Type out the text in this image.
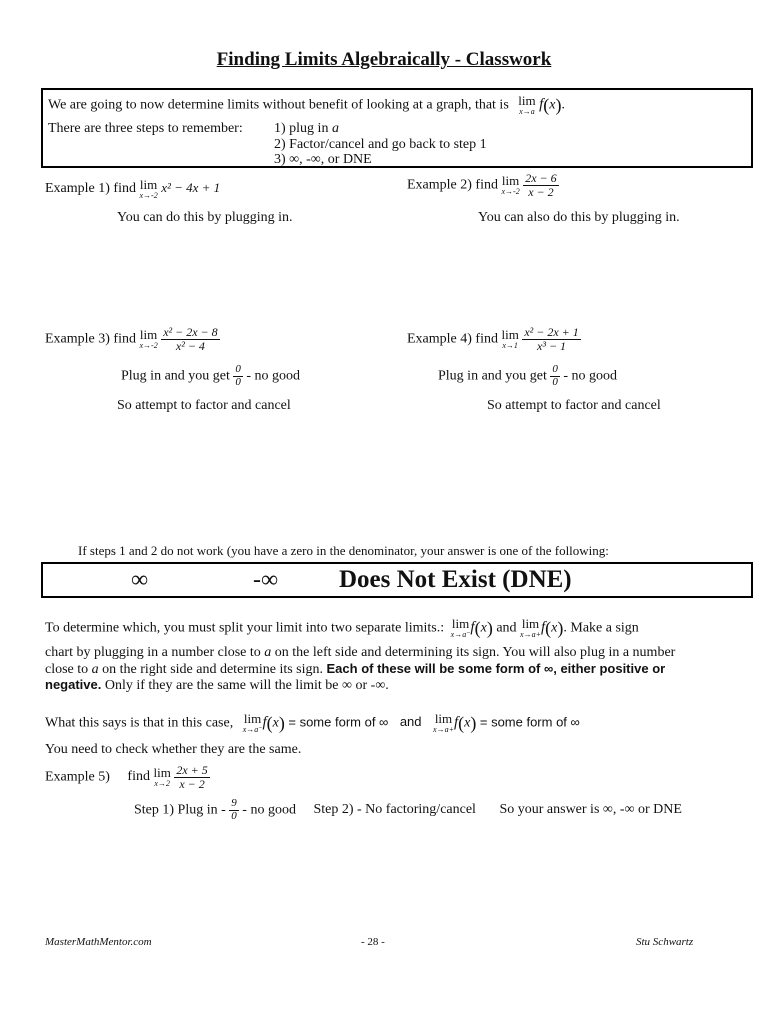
Finding Limits Algebraically - Classwork
We are going to now determine limits without benefit of looking at a graph, that is lim
x→a f(x).
There are three steps to remember: 1) plug in a
2) Factor/cancel and go back to step 1
3) ∞, -∞, or DNE
Example 1) find lim
x→-2
x² − 4x + 1
You can do this by plugging in.
Example 2) find lim
x→-2
$\frac{2x - 6}{x - 2}$
You can also do this by plugging in.
Example 3) find lim
x→-2
$\frac{\text{x² − 2x − 8}}{\text{x² − 4}}$
Plug in and you get $\frac{0}{0}$ - no good
So attempt to factor and cancel
Example 4) find lim
x→1
$\frac{\text{x² − 2x + 1}}{\text{x³ − 1}}$
Plug in and you get $\frac{0}{0}$ - no good
So attempt to factor and cancel
If steps 1 and 2 do not work (you have a zero in the denominator, your answer is one of the following:
∞	-∞ Does Not Exist (DNE)
To determine which, you must split your limit into two separate limits.: lim
x→a⁻ f(x) and lim
x→a+ f(x). Make a sign
chart by plugging in a number close to a on the left side and determining its sign. You will also plug in a number
close to a on the right side and determine its sign. Each of these will be some form of ∞, either positive or
negative. Only if they are the same will the limit be ∞ or -∞.
What this says is that in this case, lim
x→a⁻ f(x) = some form of ∞ and lim
x→a+ f(x) = some form of ∞
You need to check whether they are the same.
Example 5) find lim
x→2
$\frac{2x + 5}{x - 2}$
Step 1) Plug in - $\frac{9}{0}$ - no good Step 2) - No factoring/cancel So your answer is ∞, -∞ or DNE
MasterMathMentor.com	- 28 -	Stu Schwartz
